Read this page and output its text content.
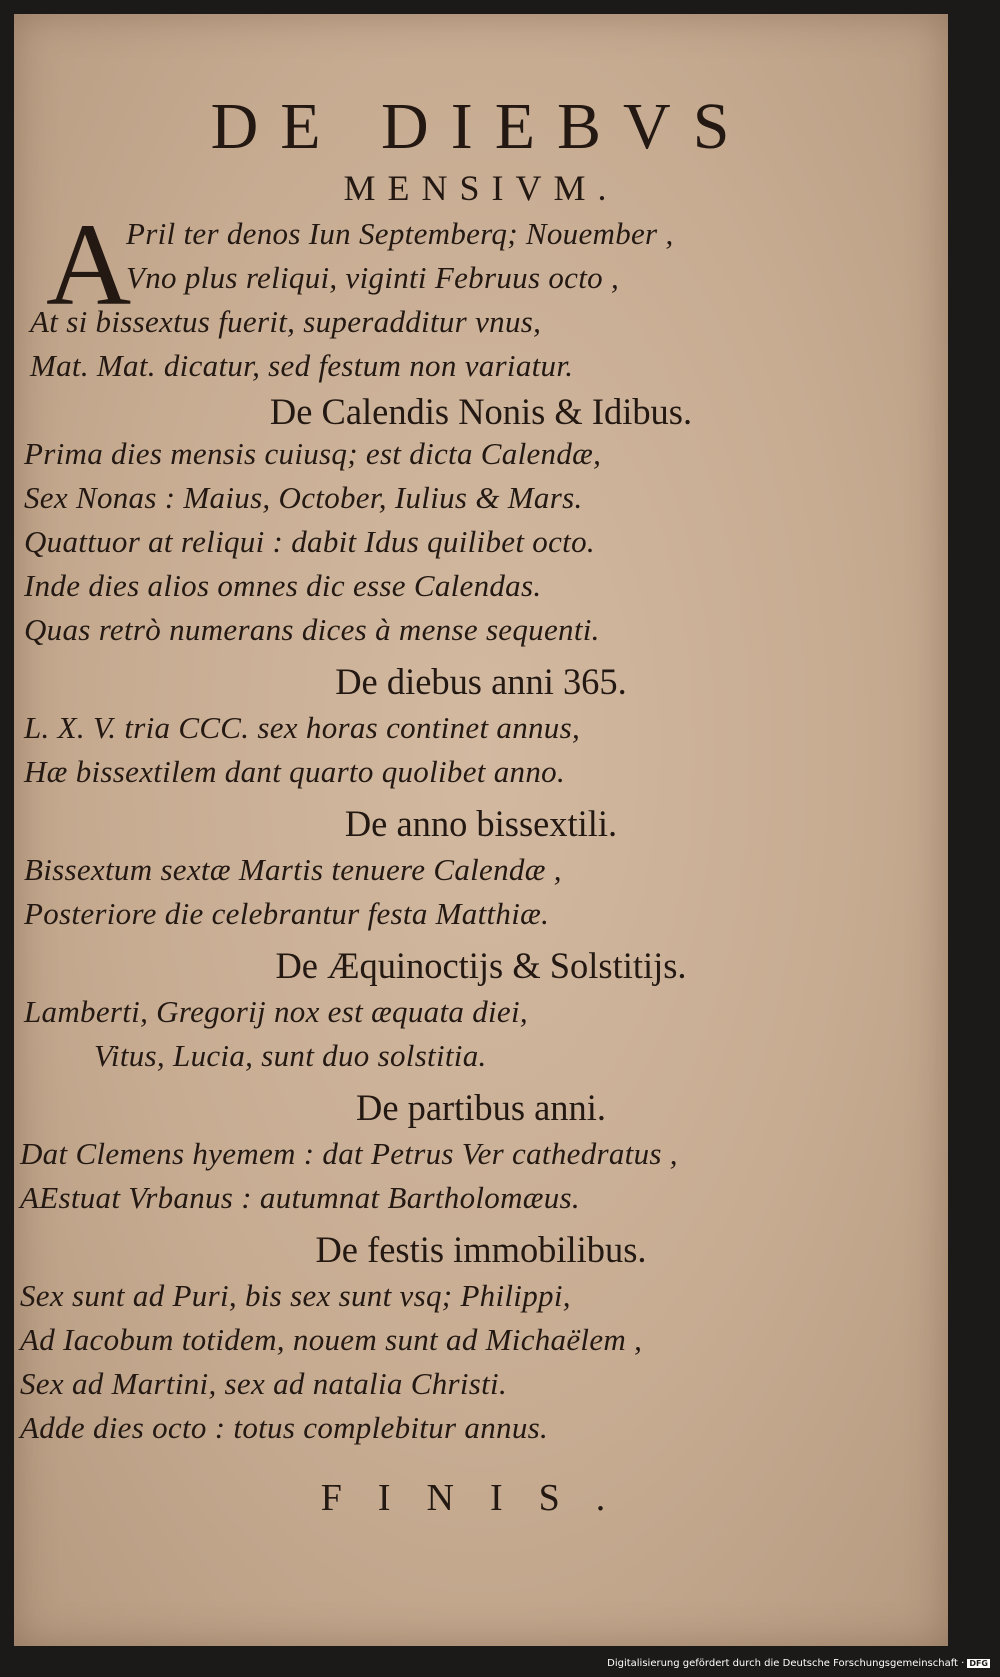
DE DIEBVS
MENSIVM.
A
Pril ter denos Iun Septemberq; Nouember ,
Vno plus reliqui, viginti Februus octo ,
At si bissextus fuerit, superadditur vnus,
Mat. Mat. dicatur, sed festum non variatur.
De Calendis Nonis & Idibus.
Prima dies mensis cuiusq; est dicta Calendæ,
Sex Nonas : Maius, October, Iulius & Mars.
Quattuor at reliqui : dabit Idus quilibet octo.
Inde dies alios omnes dic esse Calendas.
Quas retrò numerans dices à mense sequenti.
De diebus anni 365.
L. X. V. tria CCC. sex horas continet annus,
Hæ bissextilem dant quarto quolibet anno.
De anno bissextili.
Bissextum sextæ Martis tenuere Calendæ ,
Posteriore die celebrantur festa Matthiæ.
De Æquinoctijs & Solstitijs.
Lamberti, Gregorij nox est æquata diei,
Vitus, Lucia, sunt duo solstitia.
De partibus anni.
Dat Clemens hyemem : dat Petrus Ver cathedratus ,
AEstuat Vrbanus : autumnat Bartholomæus.
De festis immobilibus.
Sex sunt ad Puri, bis sex sunt vsq; Philippi,
Ad Iacobum totidem, nouem sunt ad Michaëlem ,
Sex ad Martini, sex ad natalia Christi.
Adde dies octo : totus complebitur annus.
FINIS.
Digitalisierung gefördert durch die Deutsche Forschungsgemeinschaft · DFG
